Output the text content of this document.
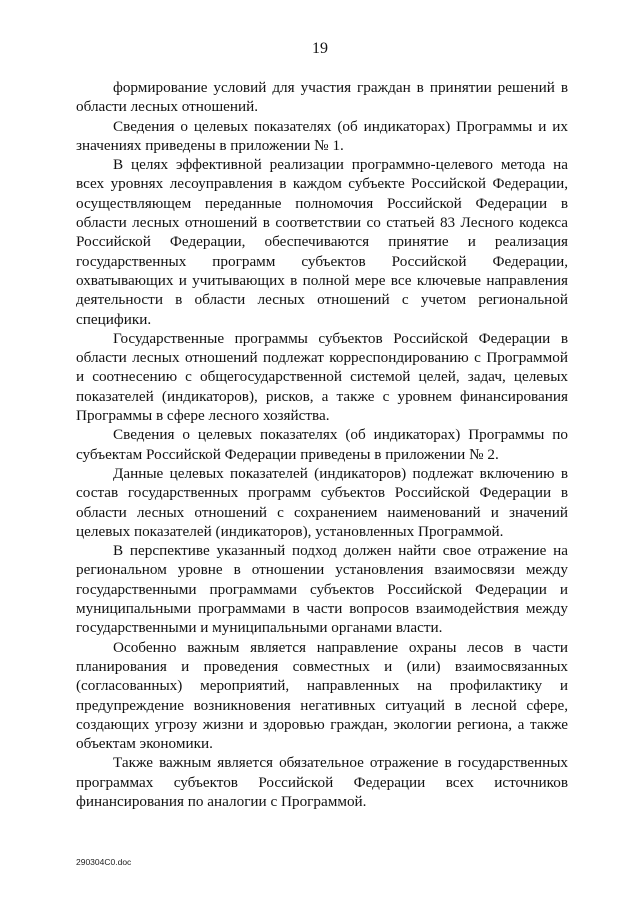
19

формирование условий для участия граждан в принятии решений в области лесных отношений.

Сведения о целевых показателях (об индикаторах) Программы и их значениях приведены в приложении № 1.

В целях эффективной реализации программно-целевого метода на всех уровнях лесоуправления в каждом субъекте Российской Федерации, осуществляющем переданные полномочия Российской Федерации в области лесных отношений в соответствии со статьей 83 Лесного кодекса Российской Федерации, обеспечиваются принятие и реализация государственных программ субъектов Российской Федерации, охватывающих и учитывающих в полной мере все ключевые направления деятельности в области лесных отношений с учетом региональной специфики.

Государственные программы субъектов Российской Федерации в области лесных отношений подлежат корреспондированию с Программой и соотнесению с общегосударственной системой целей, задач, целевых показателей (индикаторов), рисков, а также с уровнем финансирования Программы в сфере лесного хозяйства.

Сведения о целевых показателях (об индикаторах) Программы по субъектам Российской Федерации приведены в приложении № 2.

Данные целевых показателей (индикаторов) подлежат включению в состав государственных программ субъектов Российской Федерации в области лесных отношений с сохранением наименований и значений целевых показателей (индикаторов), установленных Программой.

В перспективе указанный подход должен найти свое отражение на региональном уровне в отношении установления взаимосвязи между государственными программами субъектов Российской Федерации и муниципальными программами в части вопросов взаимодействия между государственными и муниципальными органами власти.

Особенно важным является направление охраны лесов в части планирования и проведения совместных и (или) взаимосвязанных (согласованных) мероприятий, направленных на профилактику и предупреждение возникновения негативных ситуаций в лесной сфере, создающих угрозу жизни и здоровью граждан, экологии региона, а также объектам экономики.

Также важным является обязательное отражение в государственных программах субъектов Российской Федерации всех источников финансирования по аналогии с Программой.

290304С0.doc
